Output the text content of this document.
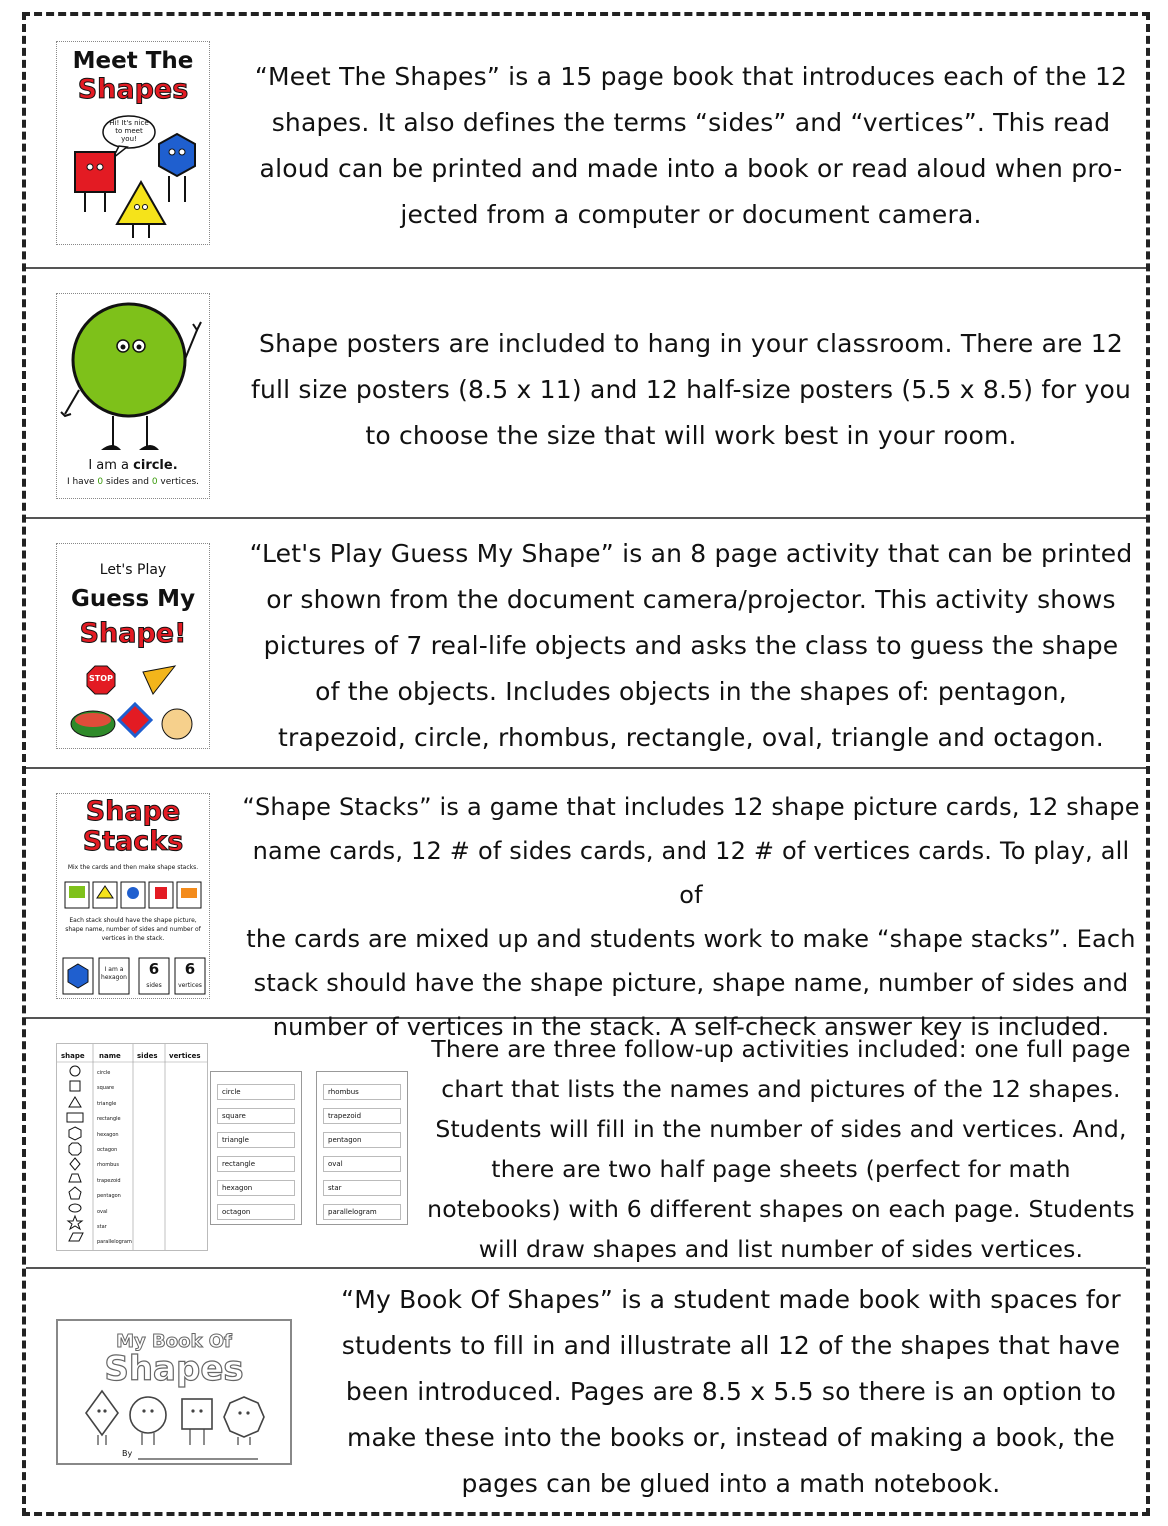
Meet The
Shapes
Hi! It's nice to meet you!
“Meet The Shapes” is a 15 page book that introduces each of the 12
shapes. It also defines the terms “sides” and “vertices”. This read
aloud can be printed and made into a book or read aloud when pro-
jected from a computer or document camera.
I am a circle.
I have 0 sides and 0 vertices.
Shape posters are included to hang in your classroom. There are 12
full size posters (8.5 x 11) and 12 half-size posters (5.5 x 8.5) for you
to choose the size that will work best in your room.
Let's Play
Guess My
Shape!
STOP
“Let's Play Guess My Shape” is an 8 page activity that can be printed
or shown from the document camera/projector. This activity shows
pictures of 7 real-life objects and asks the class to guess the shape
of the objects. Includes objects in the shapes of: pentagon,
trapezoid, circle, rhombus, rectangle, oval, triangle and octagon.
Shape
Stacks
Mix the cards and then make shape stacks.
Each stack should have the shape picture, shape name, number of sides and number of vertices in the stack.
I am a hexagon	6
sides
6
vertices
“Shape Stacks” is a game that includes 12 shape picture cards, 12 shape
name cards, 12 # of sides cards, and 12 # of vertices cards. To play, all of
the cards are mixed up and students work to make “shape stacks”. Each
stack should have the shape picture, shape name, number of sides and
number of vertices in the stack. A self-check answer key is included.
shape name sides vertices
circle
square
triangle
rectangle
hexagon
octagon
rhombus
trapezoid
pentagon
oval
star
parallelogram
circle
square
triangle
rectangle
hexagon
octagon
rhombus
trapezoid
pentagon
oval
star
parallelogram
There are three follow-up activities included: one full page
chart that lists the names and pictures of the 12 shapes.
Students will fill in the number of sides and vertices. And,
there are two half page sheets (perfect for math
notebooks) with 6 different shapes on each page. Students
will draw shapes and list number of sides vertices.
My Book Of
Shapes
By
“My Book Of Shapes” is a student made book with spaces for
students to fill in and illustrate all 12 of the shapes that have
been introduced. Pages are 8.5 x 5.5 so there is an option to
make these into the books or, instead of making a book, the
pages can be glued into a math notebook.
